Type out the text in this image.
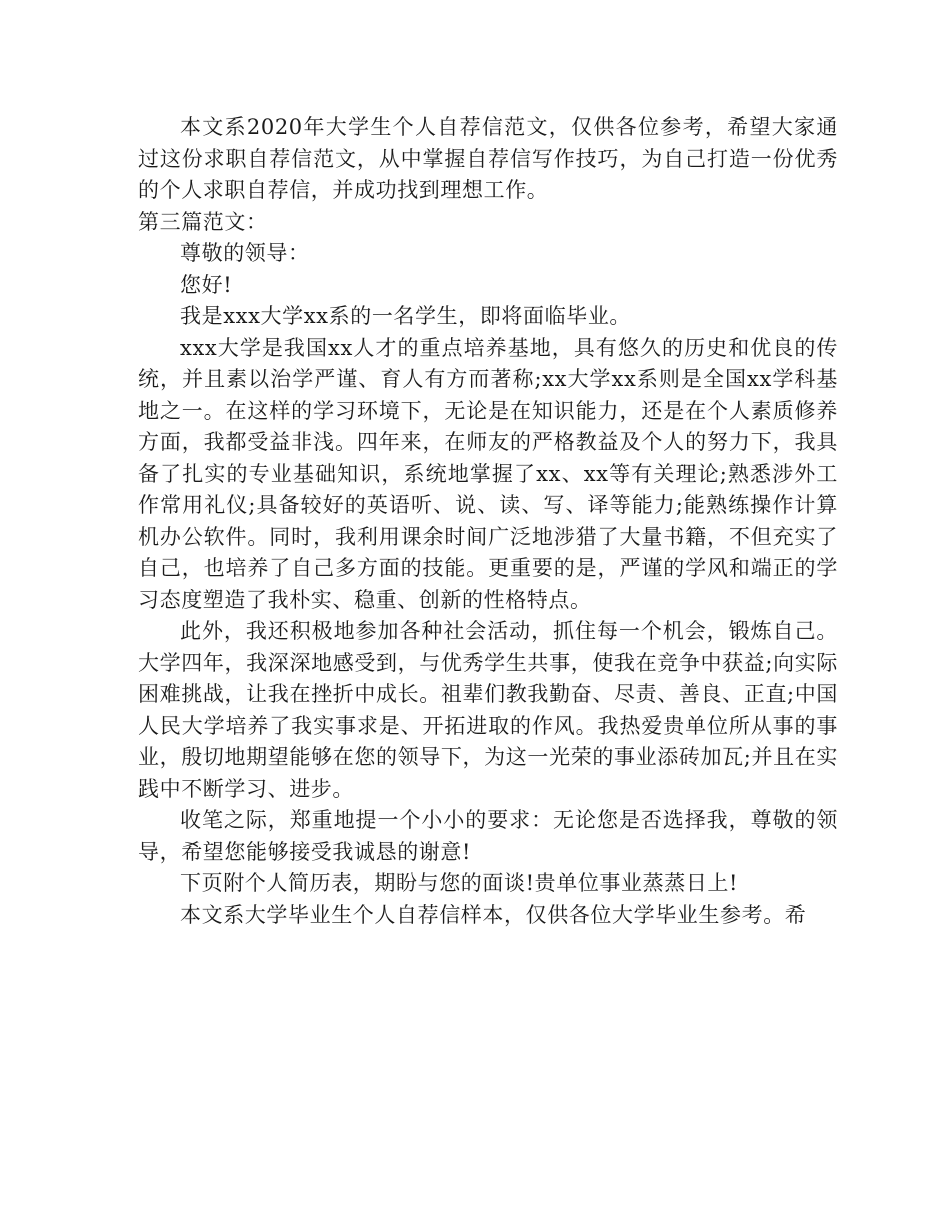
本文系2020年大学生个人自荐信范文，仅供各位参考，希望大家通过这份求职自荐信范文，从中掌握自荐信写作技巧，为自己打造一份优秀的个人求职自荐信，并成功找到理想工作。

第三篇范文：

尊敬的领导：

您好!

我是xxx大学xx系的一名学生，即将面临毕业。

xxx大学是我国xx人才的重点培养基地，具有悠久的历史和优良的传统，并且素以治学严谨、育人有方而著称;xx大学xx系则是全国xx学科基地之一。在这样的学习环境下，无论是在知识能力，还是在个人素质修养方面，我都受益非浅。四年来，在师友的严格教益及个人的努力下，我具备了扎实的专业基础知识，系统地掌握了xx、xx等有关理论;熟悉涉外工作常用礼仪;具备较好的英语听、说、读、写、译等能力;能熟练操作计算机办公软件。同时，我利用课余时间广泛地涉猎了大量书籍，不但充实了自己，也培养了自己多方面的技能。更重要的是，严谨的学风和端正的学习态度塑造了我朴实、稳重、创新的性格特点。

此外，我还积极地参加各种社会活动，抓住每一个机会，锻炼自己。大学四年，我深深地感受到，与优秀学生共事，使我在竞争中获益;向实际困难挑战，让我在挫折中成长。祖辈们教我勤奋、尽责、善良、正直;中国人民大学培养了我实事求是、开拓进取的作风。我热爱贵单位所从事的事业，殷切地期望能够在您的领导下，为这一光荣的事业添砖加瓦;并且在实践中不断学习、进步。

收笔之际，郑重地提一个小小的要求：无论您是否选择我，尊敬的领导，希望您能够接受我诚恳的谢意!

下页附个人简历表，期盼与您的面谈!贵单位事业蒸蒸日上!

本文系大学毕业生个人自荐信样本，仅供各位大学毕业生参考。希
